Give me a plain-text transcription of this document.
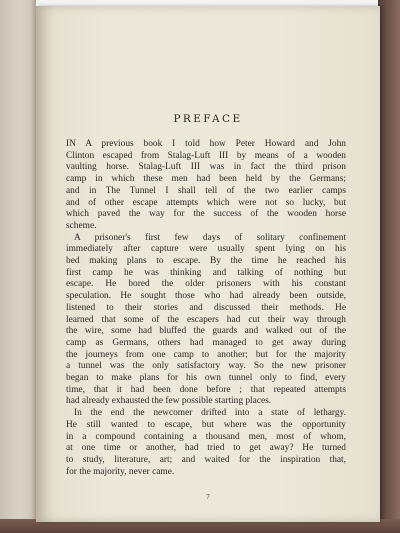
PREFACE
IN A previous book I told how Peter Howard and John
Clinton escaped from Stalag-Luft III by means of a wooden
vaulting horse. Stalag-Luft III was in fact the third prison
camp in which these men had been held by the Germans;
and in The Tunnel I shall tell of the two earlier camps
and of other escape attempts which were not so lucky, but
which paved the way for the success of the wooden horse
scheme.
A prisoner's first few days of solitary confinement
immediately after capture were usually spent lying on his
bed making plans to escape. By the time he reached his
first camp he was thinking and talking of nothing but
escape. He bored the older prisoners with his constant
speculation. He sought those who had already been outside,
listened to their stories and discussed their methods. He
learned that some of the escapers had cut their way through
the wire, some had bluffed the guards and walked out of the
camp as Germans, others had managed to get away during
the journeys from one camp to another; but for the majority
a tunnel was the only satisfactory way. So the new prisoner
began to make plans for his own tunnel only to find, every
time, that it had been done before ; that repeated attempts
had already exhausted the few possible starting places.
In the end the newcomer drifted into a state of lethargy.
He still wanted to escape, but where was the opportunity
in a compound containing a thousand men, most of whom,
at one time or another, had tried to get away? He turned
to study, literature, art; and waited for the inspiration that,
for the majority, never came.
7
